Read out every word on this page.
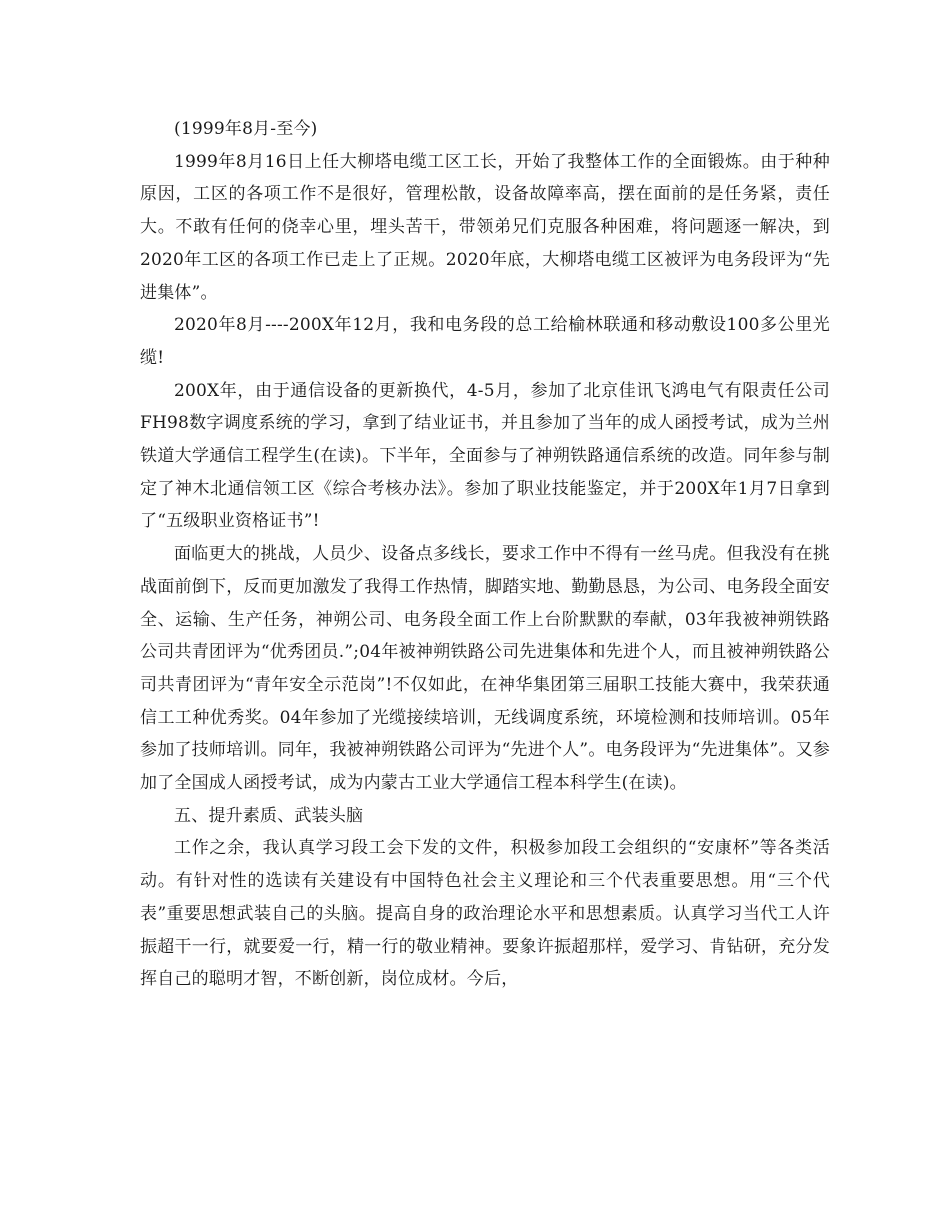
(1999年8月-至今)

1999年8月16日上任大柳塔电缆工区工长，开始了我整体工作的全面锻炼。由于种种原因，工区的各项工作不是很好，管理松散，设备故障率高，摆在面前的是任务紧，责任大。不敢有任何的侥幸心里，埋头苦干，带领弟兄们克服各种困难，将问题逐一解决，到2020年工区的各项工作已走上了正规。2020年底，大柳塔电缆工区被评为电务段评为“先进集体”。

2020年8月----200X年12月，我和电务段的总工给榆林联通和移动敷设100多公里光缆!

200X年，由于通信设备的更新换代，4-5月，参加了北京佳讯飞鸿电气有限责任公司FH98数字调度系统的学习，拿到了结业证书，并且参加了当年的成人函授考试，成为兰州铁道大学通信工程学生(在读)。下半年，全面参与了神朔铁路通信系统的改造。同年参与制定了神木北通信领工区《综合考核办法》。参加了职业技能鉴定，并于200X年1月7日拿到了“五级职业资格证书”!

面临更大的挑战，人员少、设备点多线长，要求工作中不得有一丝马虎。但我没有在挑战面前倒下，反而更加激发了我得工作热情，脚踏实地、勤勤恳恳，为公司、电务段全面安全、运输、生产任务，神朔公司、电务段全面工作上台阶默默的奉献，03年我被神朔铁路公司共青团评为“优秀团员.”;04年被神朔铁路公司先进集体和先进个人，而且被神朔铁路公司共青团评为“青年安全示范岗”!不仅如此，在神华集团第三届职工技能大赛中，我荣获通信工工种优秀奖。04年参加了光缆接续培训，无线调度系统，环境检测和技师培训。05年参加了技师培训。同年，我被神朔铁路公司评为“先进个人”。电务段评为“先进集体”。又参加了全国成人函授考试，成为内蒙古工业大学通信工程本科学生(在读)。

五、提升素质、武装头脑

工作之余，我认真学习段工会下发的文件，积极参加段工会组织的“安康杯”等各类活动。有针对性的选读有关建设有中国特色社会主义理论和三个代表重要思想。用“三个代表”重要思想武装自己的头脑。提高自身的政治理论水平和思想素质。认真学习当代工人许振超干一行，就要爱一行，精一行的敬业精神。要象许振超那样，爱学习、肯钻研，充分发挥自己的聪明才智，不断创新，岗位成材。今后，
